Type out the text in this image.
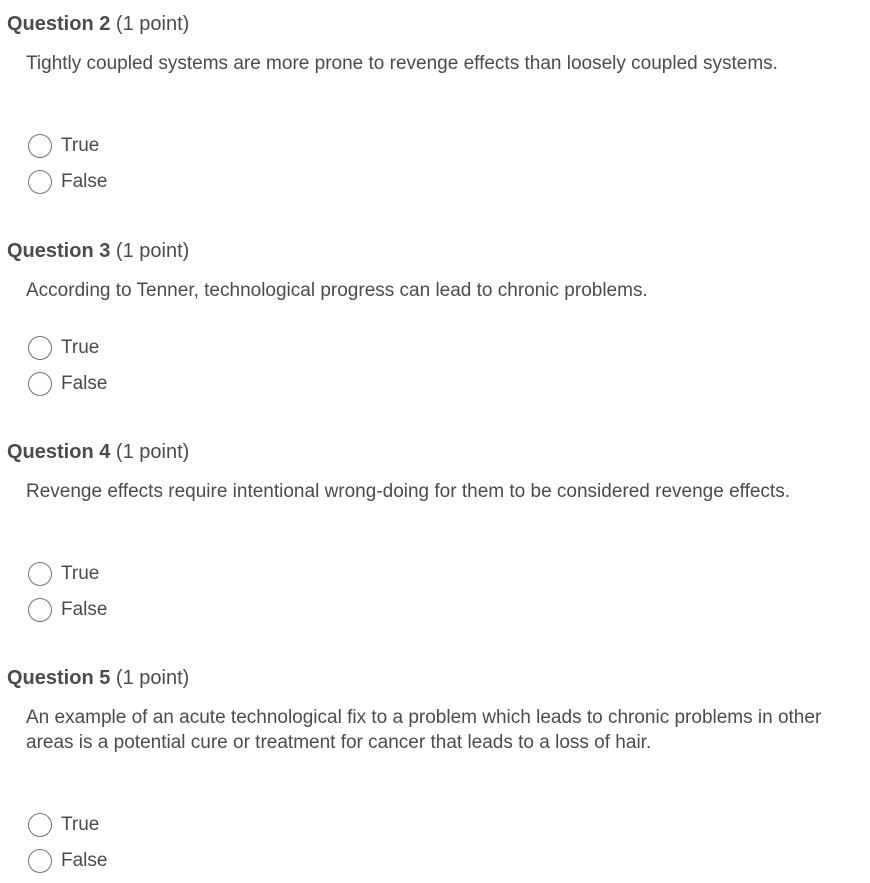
Question 2 (1 point)
Tightly coupled systems are more prone to revenge effects than loosely coupled systems.
True
False
Question 3 (1 point)
According to Tenner, technological progress can lead to chronic problems.
True
False
Question 4 (1 point)
Revenge effects require intentional wrong-doing for them to be considered revenge effects.
True
False
Question 5 (1 point)
An example of an acute technological fix to a problem which leads to chronic problems in other areas is a potential cure or treatment for cancer that leads to a loss of hair.
True
False
